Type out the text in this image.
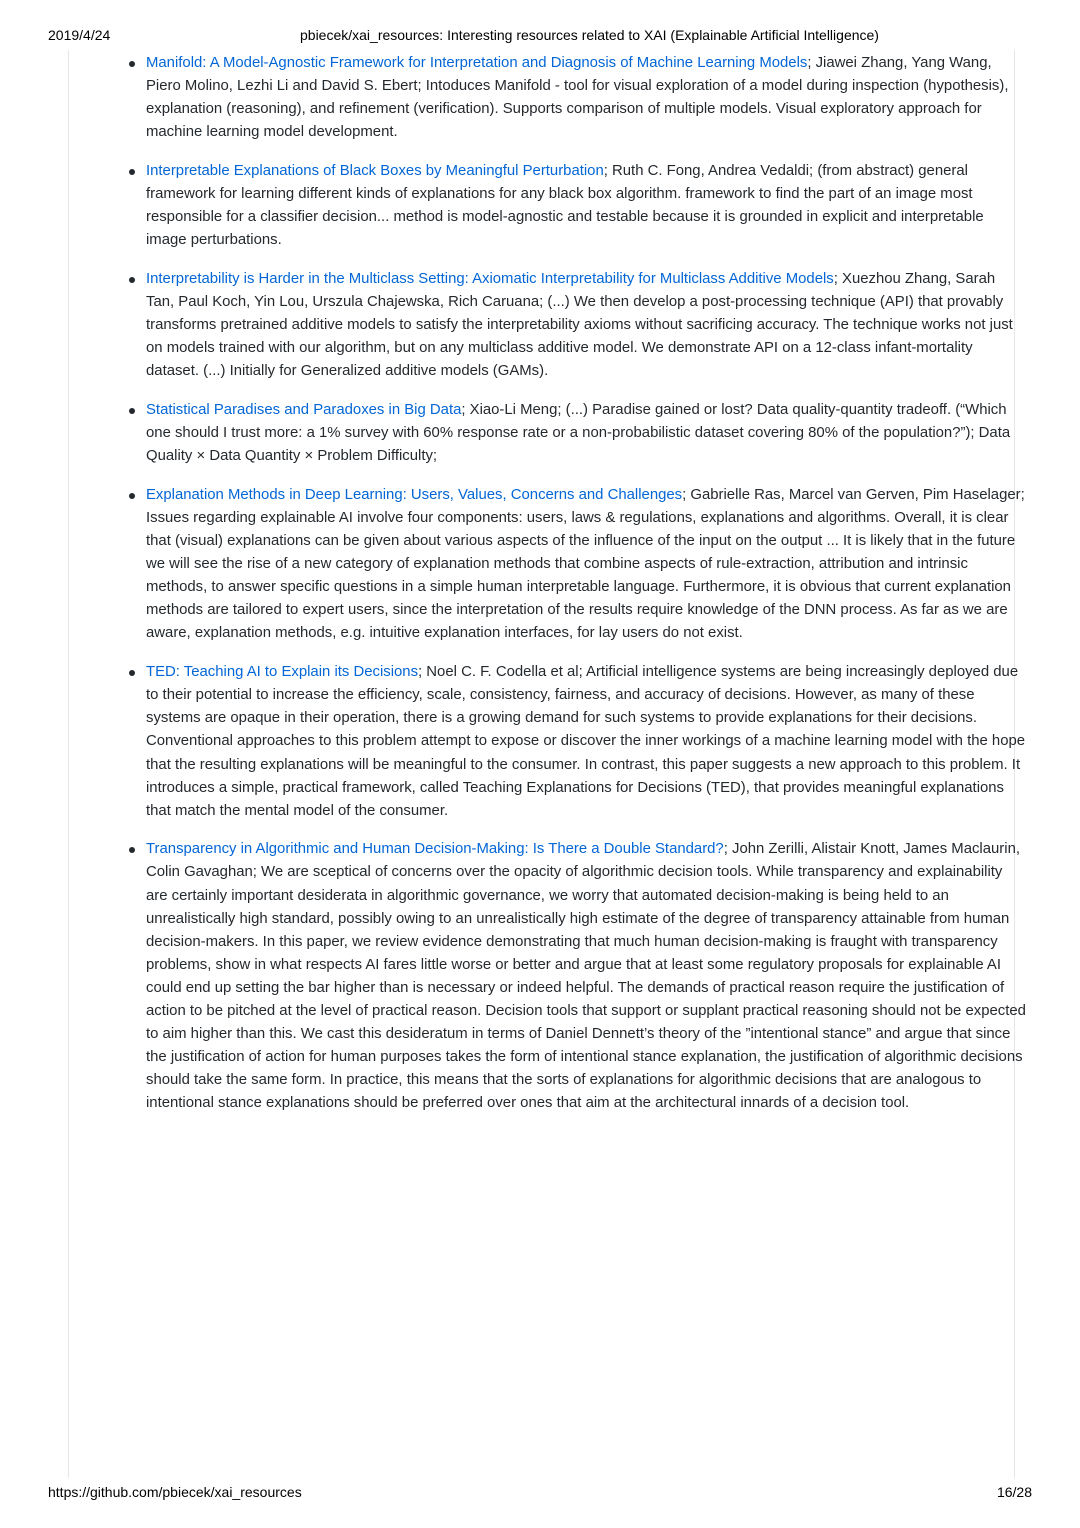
2019/4/24	pbiecek/xai_resources: Interesting resources related to XAI (Explainable Artificial Intelligence)
Manifold: A Model-Agnostic Framework for Interpretation and Diagnosis of Machine Learning Models; Jiawei Zhang, Yang Wang, Piero Molino, Lezhi Li and David S. Ebert; Intoduces Manifold - tool for visual exploration of a model during inspection (hypothesis), explanation (reasoning), and refinement (verification). Supports comparison of multiple models. Visual exploratory approach for machine learning model development.
Interpretable Explanations of Black Boxes by Meaningful Perturbation; Ruth C. Fong, Andrea Vedaldi; (from abstract) general framework for learning different kinds of explanations for any black box algorithm. framework to find the part of an image most responsible for a classifier decision... method is model-agnostic and testable because it is grounded in explicit and interpretable image perturbations.
Interpretability is Harder in the Multiclass Setting: Axiomatic Interpretability for Multiclass Additive Models; Xuezhou Zhang, Sarah Tan, Paul Koch, Yin Lou, Urszula Chajewska, Rich Caruana; (...) We then develop a post-processing technique (API) that provably transforms pretrained additive models to satisfy the interpretability axioms without sacrificing accuracy. The technique works not just on models trained with our algorithm, but on any multiclass additive model. We demonstrate API on a 12-class infant-mortality dataset. (...) Initially for Generalized additive models (GAMs).
Statistical Paradises and Paradoxes in Big Data; Xiao-Li Meng; (...) Paradise gained or lost? Data quality-quantity tradeoff. (“Which one should I trust more: a 1% survey with 60% response rate or a non-probabilistic dataset covering 80% of the population?”); Data Quality × Data Quantity × Problem Difficulty;
Explanation Methods in Deep Learning: Users, Values, Concerns and Challenges; Gabrielle Ras, Marcel van Gerven, Pim Haselager; Issues regarding explainable AI involve four components: users, laws & regulations, explanations and algorithms. Overall, it is clear that (visual) explanations can be given about various aspects of the influence of the input on the output ... It is likely that in the future we will see the rise of a new category of explanation methods that combine aspects of rule-extraction, attribution and intrinsic methods, to answer specific questions in a simple human interpretable language. Furthermore, it is obvious that current explanation methods are tailored to expert users, since the interpretation of the results require knowledge of the DNN process. As far as we are aware, explanation methods, e.g. intuitive explanation interfaces, for lay users do not exist.
TED: Teaching AI to Explain its Decisions; Noel C. F. Codella et al; Artificial intelligence systems are being increasingly deployed due to their potential to increase the efficiency, scale, consistency, fairness, and accuracy of decisions. However, as many of these systems are opaque in their operation, there is a growing demand for such systems to provide explanations for their decisions. Conventional approaches to this problem attempt to expose or discover the inner workings of a machine learning model with the hope that the resulting explanations will be meaningful to the consumer. In contrast, this paper suggests a new approach to this problem. It introduces a simple, practical framework, called Teaching Explanations for Decisions (TED), that provides meaningful explanations that match the mental model of the consumer.
Transparency in Algorithmic and Human Decision-Making: Is There a Double Standard?; John Zerilli, Alistair Knott, James Maclaurin, Colin Gavaghan; We are sceptical of concerns over the opacity of algorithmic decision tools. While transparency and explainability are certainly important desiderata in algorithmic governance, we worry that automated decision-making is being held to an unrealistically high standard, possibly owing to an unrealistically high estimate of the degree of transparency attainable from human decision-makers. In this paper, we review evidence demonstrating that much human decision-making is fraught with transparency problems, show in what respects AI fares little worse or better and argue that at least some regulatory proposals for explainable AI could end up setting the bar higher than is necessary or indeed helpful. The demands of practical reason require the justification of action to be pitched at the level of practical reason. Decision tools that support or supplant practical reasoning should not be expected to aim higher than this. We cast this desideratum in terms of Daniel Dennett’s theory of the ”intentional stance” and argue that since the justification of action for human purposes takes the form of intentional stance explanation, the justification of algorithmic decisions should take the same form. In practice, this means that the sorts of explanations for algorithmic decisions that are analogous to intentional stance explanations should be preferred over ones that aim at the architectural innards of a decision tool.
https://github.com/pbiecek/xai_resources	16/28
